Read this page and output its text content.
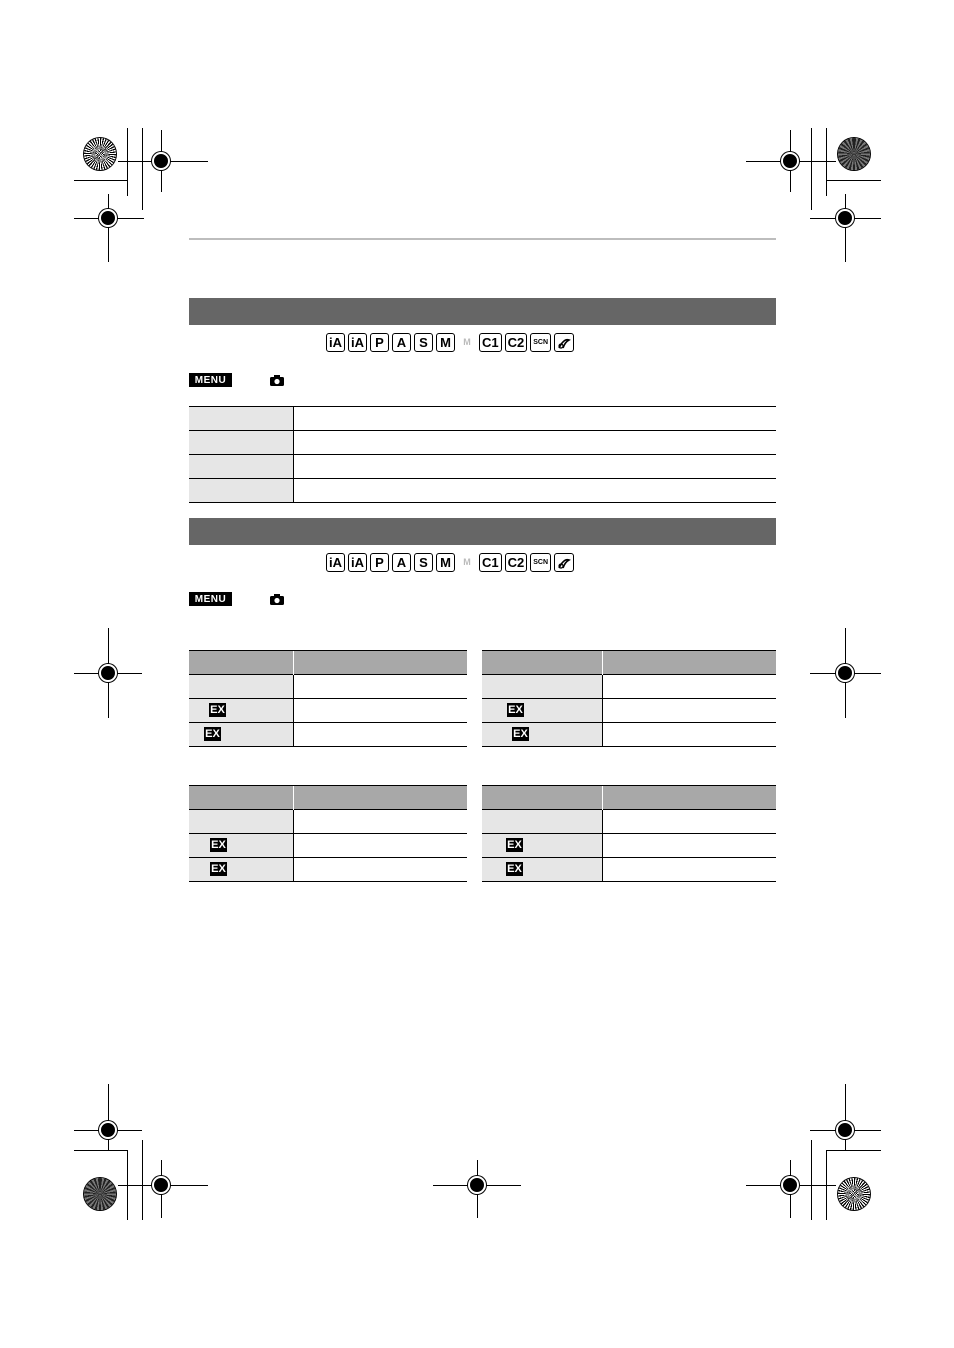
iA iA P A S M	M C1 C2	SCN
MENU

iA iA P A S M	M C1 C2	SCN
MENU

EX	
EX	

EX	
EX	

EX	
EX	

EX	
EX	
